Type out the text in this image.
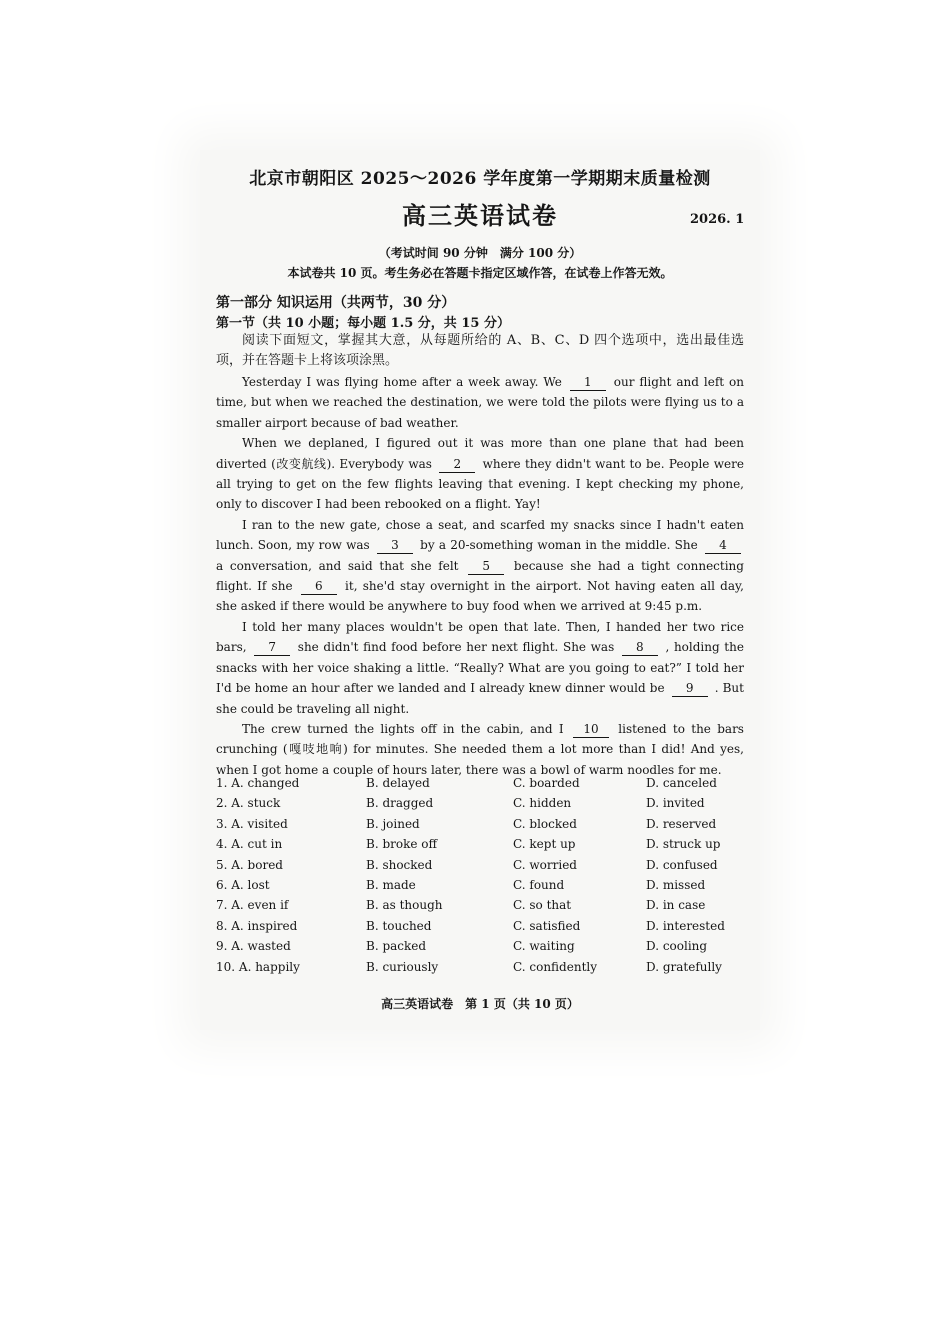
北京市朝阳区 2025～2026 学年度第一学期期末质量检测
高三英语试卷	2026. 1
（考试时间 90 分钟　满分 100 分）
本试卷共 10 页。考生务必在答题卡指定区域作答，在试卷上作答无效。
第一部分 知识运用（共两节，30 分）
第一节（共 10 小题；每小题 1.5 分，共 15 分）
阅读下面短文，掌握其大意，从每题所给的 A、B、C、D 四个选项中，选出最佳选项，并在答题卡上将该项涂黑。

Yesterday I was flying home after a week away. We 1 our flight and left on time, but when we reached the destination, we were told the pilots were flying us to a smaller airport because of bad weather.

When we deplaned, I figured out it was more than one plane that had been diverted (改变航线). Everybody was 2 where they didn't want to be. People were all trying to get on the few flights leaving that evening. I kept checking my phone, only to discover I had been rebooked on a flight. Yay!

I ran to the new gate, chose a seat, and scarfed my snacks since I hadn't eaten lunch. Soon, my row was 3 by a 20-something woman in the middle. She 4 a conversation, and said that she felt 5 because she had a tight connecting flight. If she 6 it, she'd stay overnight in the airport. Not having eaten all day, she asked if there would be anywhere to buy food when we arrived at 9:45 p.m.

I told her many places wouldn't be open that late. Then, I handed her two rice bars, 7 she didn't find food before her next flight. She was 8 , holding the snacks with her voice shaking a little. “Really? What are you going to eat?” I told her I'd be home an hour after we landed and I already knew dinner would be 9 . But she could be traveling all night.

The crew turned the lights off in the cabin, and I 10 listened to the bars crunching (嘎吱地响) for minutes. She needed them a lot more than I did! And yes, when I got home a couple of hours later, there was a bowl of warm noodles for me.

1. A. changed	B. delayed	C. boarded	D. canceled
2. A. stuck	B. dragged	C. hidden	D. invited
3. A. visited	B. joined	C. blocked	D. reserved
4. A. cut in	B. broke off	C. kept up	D. struck up
5. A. bored	B. shocked	C. worried	D. confused
6. A. lost	B. made	C. found	D. missed
7. A. even if	B. as though	C. so that	D. in case
8. A. inspired	B. touched	C. satisfied	D. interested
9. A. wasted	B. packed	C. waiting	D. cooling
10. A. happily	B. curiously	C. confidently	D. gratefully
高三英语试卷　第 1 页（共 10 页）
